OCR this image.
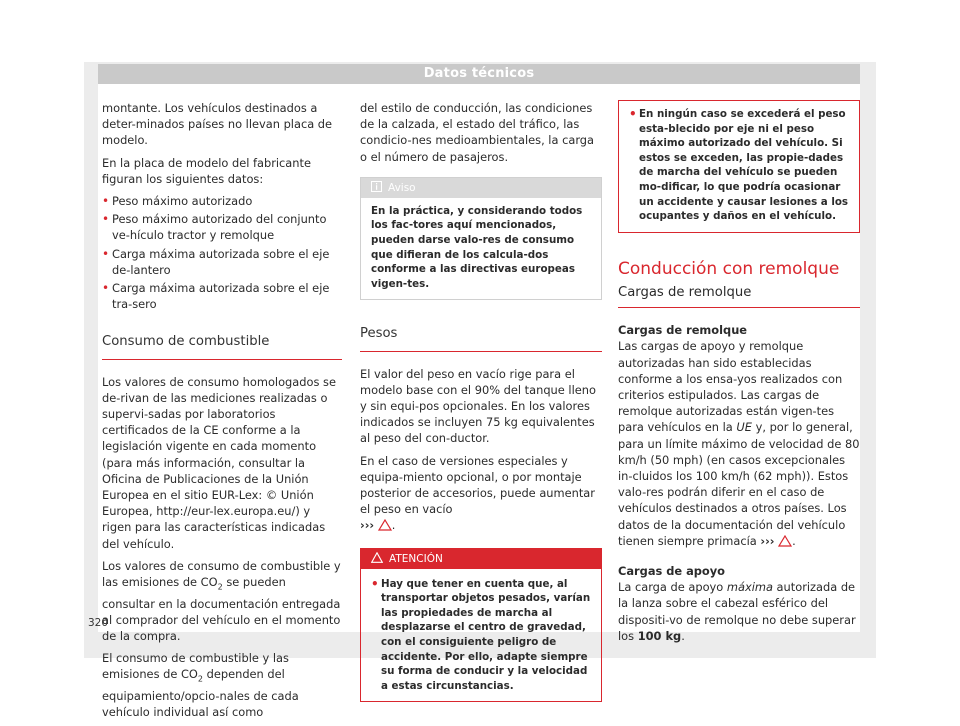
Datos técnicos

montante. Los vehículos destinados a deter-minados países no llevan placa de modelo.

En la placa de modelo del fabricante figuran los siguientes datos:

• Peso máximo autorizado
• Peso máximo autorizado del conjunto ve-hículo tractor y remolque
• Carga máxima autorizada sobre el eje de-lantero
• Carga máxima autorizada sobre el eje tra-sero
Consumo de combustible

Los valores de consumo homologados se de-rivan de las mediciones realizadas o supervi-sadas por laboratorios certificados de la CE conforme a la legislación vigente en cada momento (para más información, consultar la Oficina de Publicaciones de la Unión Europea en el sitio EUR-Lex: © Unión Europea, http://eur-lex.europa.eu/) y rigen para las características indicadas del vehículo.

Los valores de consumo de combustible y las emisiones de $CO_2$ se pueden consultar en la documentación entregada al comprador del vehículo en el momento de la compra.

El consumo de combustible y las emisiones de $CO_2$ dependen del equipamiento/opcio-nales de cada vehículo individual así como

del estilo de conducción, las condiciones de la calzada, el estado del tráfico, las condicio-nes medioambientales, la carga o el número de pasajeros.

Aviso
En la práctica, y considerando todos los fac-tores aquí mencionados, pueden darse valo-res de consumo que difieran de los calcula-dos conforme a las directivas europeas vigen-tes.
Pesos

El valor del peso en vacío rige para el modelo base con el 90% del tanque lleno y sin equi-pos opcionales. En los valores indicados se incluyen 75 kg equivalentes al peso del con-ductor.

En el caso de versiones especiales y equipa-miento opcional, o por montaje posterior de accesorios, puede aumentar el peso en vacío
››› .

ATENCIÓN
• Hay que tener en cuenta que, al transportar objetos pesados, varían las propiedades de marcha al desplazarse el centro de gravedad, con el consiguiente peligro de accidente. Por ello, adapte siempre su forma de conducir y la velocidad a estas circunstancias.
• En ningún caso se excederá el peso esta-blecido por eje ni el peso máximo autorizado del vehículo. Si estos se exceden, las propie-dades de marcha del vehículo se pueden mo-dificar, lo que podría ocasionar un accidente y causar lesiones a los ocupantes y daños en el vehículo.
Conducción con remolque
Cargas de remolque

Cargas de remolque

Las cargas de apoyo y remolque autorizadas han sido establecidas conforme a los ensa-yos realizados con criterios estipulados. Las cargas de remolque autorizadas están vigen-tes para vehículos en la UE y, por lo general, para un límite máximo de velocidad de 80 km/h (50 mph) (en casos excepcionales in-cluidos los 100 km/h (62 mph)). Estos valo-res podrán diferir en el caso de vehículos destinados a otros países. Los datos de la documentación del vehículo tienen siempre primacía ››› .

Cargas de apoyo

La carga de apoyo máxima autorizada de la lanza sobre el cabezal esférico del dispositi-vo de remolque no debe superar los 100 kg.

320
